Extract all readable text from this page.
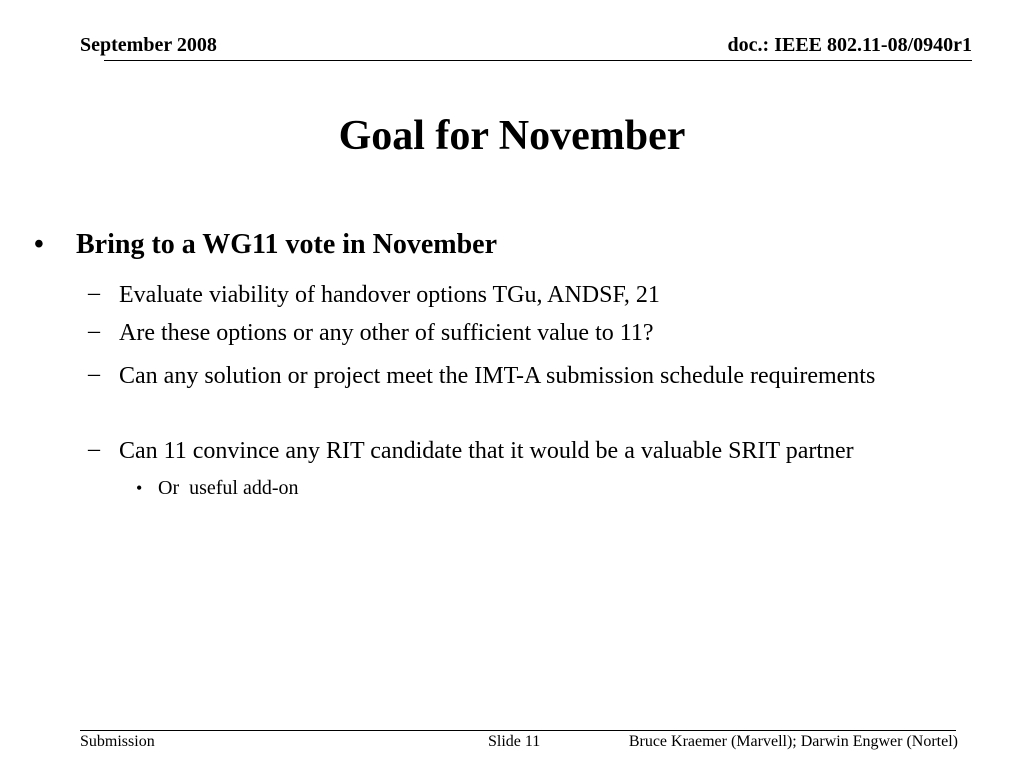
September 2008	doc.: IEEE 802.11-08/0940r1
Goal for November
• Bring to a WG11 vote in November
– Evaluate viability of handover options TGu, ANDSF, 21
– Are these options or any other of sufficient value to 11?
– Can any solution or project meet the IMT-A submission schedule requirements
– Can 11 convince any RIT candidate that it would be a valuable SRIT partner
• Or  useful add-on
Submission	Slide 11	Bruce Kraemer (Marvell); Darwin Engwer (Nortel)
